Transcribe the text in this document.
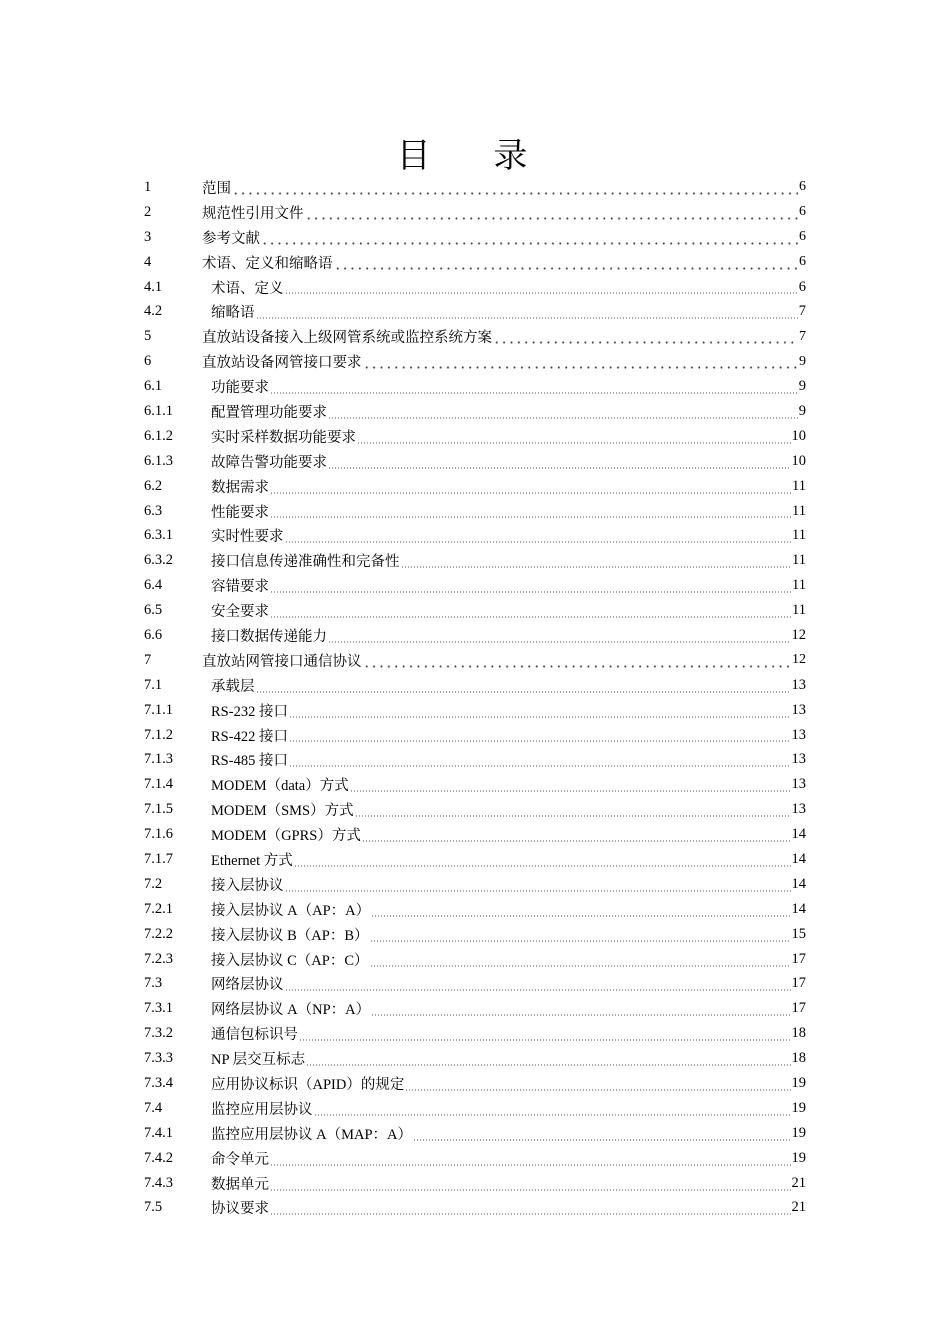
目 录
1	范围	6
2	规范性引用文件	6
3	参考文献	6
4	术语、定义和缩略语	6
4.1	术语、定义	6
4.2	缩略语	7
5	直放站设备接入上级网管系统或监控系统方案	7
6	直放站设备网管接口要求	9
6.1	功能要求	9
6.1.1	配置管理功能要求	9
6.1.2	实时采样数据功能要求	10
6.1.3	故障告警功能要求	10
6.2	数据需求	11
6.3	性能要求	11
6.3.1	实时性要求	11
6.3.2	接口信息传递准确性和完备性	11
6.4	容错要求	11
6.5	安全要求	11
6.6	接口数据传递能力	12
7	直放站网管接口通信协议	12
7.1	承载层	13
7.1.1	RS-232 接口	13
7.1.2	RS-422 接口	13
7.1.3	RS-485 接口	13
7.1.4	MODEM（data）方式	13
7.1.5	MODEM（SMS）方式	13
7.1.6	MODEM（GPRS）方式	14
7.1.7	Ethernet 方式	14
7.2	接入层协议	14
7.2.1	接入层协议 A（AP：A）	14
7.2.2	接入层协议 B（AP：B）	15
7.2.3	接入层协议 C（AP：C）	17
7.3	网络层协议	17
7.3.1	网络层协议 A（NP：A）	17
7.3.2	通信包标识号	18
7.3.3	NP 层交互标志	18
7.3.4	应用协议标识（APID）的规定	19
7.4	监控应用层协议	19
7.4.1	监控应用层协议 A（MAP：A）	19
7.4.2	命令单元	19
7.4.3	数据单元	21
7.5	协议要求	21
